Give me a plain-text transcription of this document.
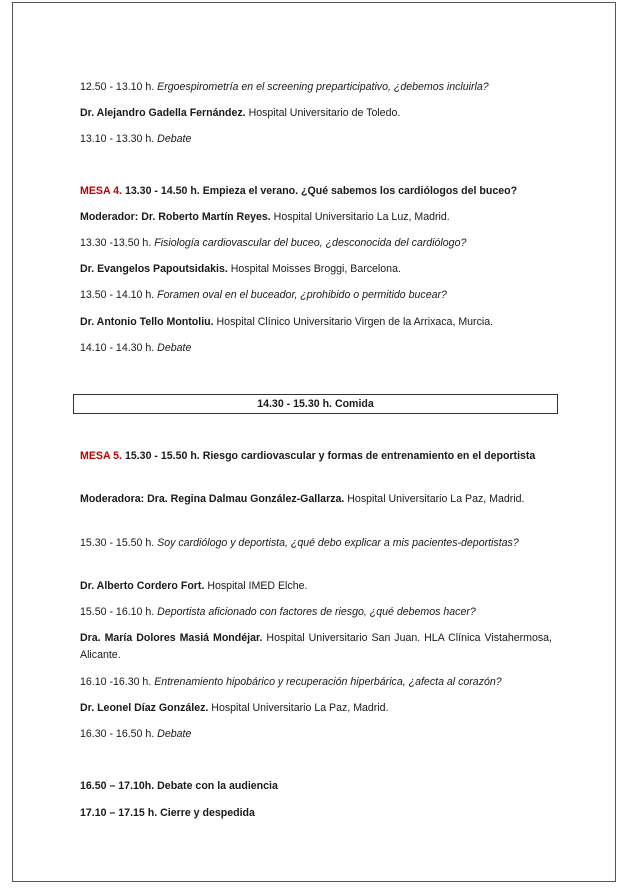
12.50 - 13.10 h. Ergoespirometría en el screening preparticipativo, ¿debemos incluirla?

Dr. Alejandro Gadella Fernández. Hospital Universitario de Toledo.

13.10 - 13.30 h. Debate

MESA 4. 13.30 - 14.50 h. Empieza el verano. ¿Qué sabemos los cardiólogos del buceo?

Moderador: Dr. Roberto Martín Reyes. Hospital Universitario La Luz, Madrid.

13.30 -13.50 h. Fisiología cardiovascular del buceo, ¿desconocida del cardiólogo?

Dr. Evangelos Papoutsidakis. Hospital Moisses Broggi, Barcelona.

13.50 - 14.10 h. Foramen oval en el buceador, ¿prohibido o permitido bucear?

Dr. Antonio Tello Montoliu. Hospital Clínico Universitario Virgen de la Arrixaca, Murcia.

14.10 - 14.30 h. Debate

MESA 5. 15.30 - 15.50 h. Riesgo cardiovascular y formas de entrenamiento en el deportista

Moderadora: Dra. Regina Dalmau González-Gallarza. Hospital Universitario La Paz, Madrid.

15.30 - 15.50 h. Soy cardiólogo y deportista, ¿qué debo explicar a mis pacientes-deportistas?

Dr. Alberto Cordero Fort. Hospital IMED Elche.

15.50 - 16.10 h. Deportista aficionado con factores de riesgo, ¿qué debemos hacer?

Dra. María Dolores Masiá Mondéjar. Hospital Universitario San Juan. HLA Clínica Vistahermosa, Alicante.

16.10 -16.30 h. Entrenamiento hipobárico y recuperación hiperbárica, ¿afecta al corazón?

Dr. Leonel Díaz González. Hospital Universitario La Paz, Madrid.

16.30 - 16.50 h. Debate

16.50 – 17.10h. Debate con la audiencia

17.10 – 17.15 h. Cierre y despedida

14.30 - 15.30 h. Comida
